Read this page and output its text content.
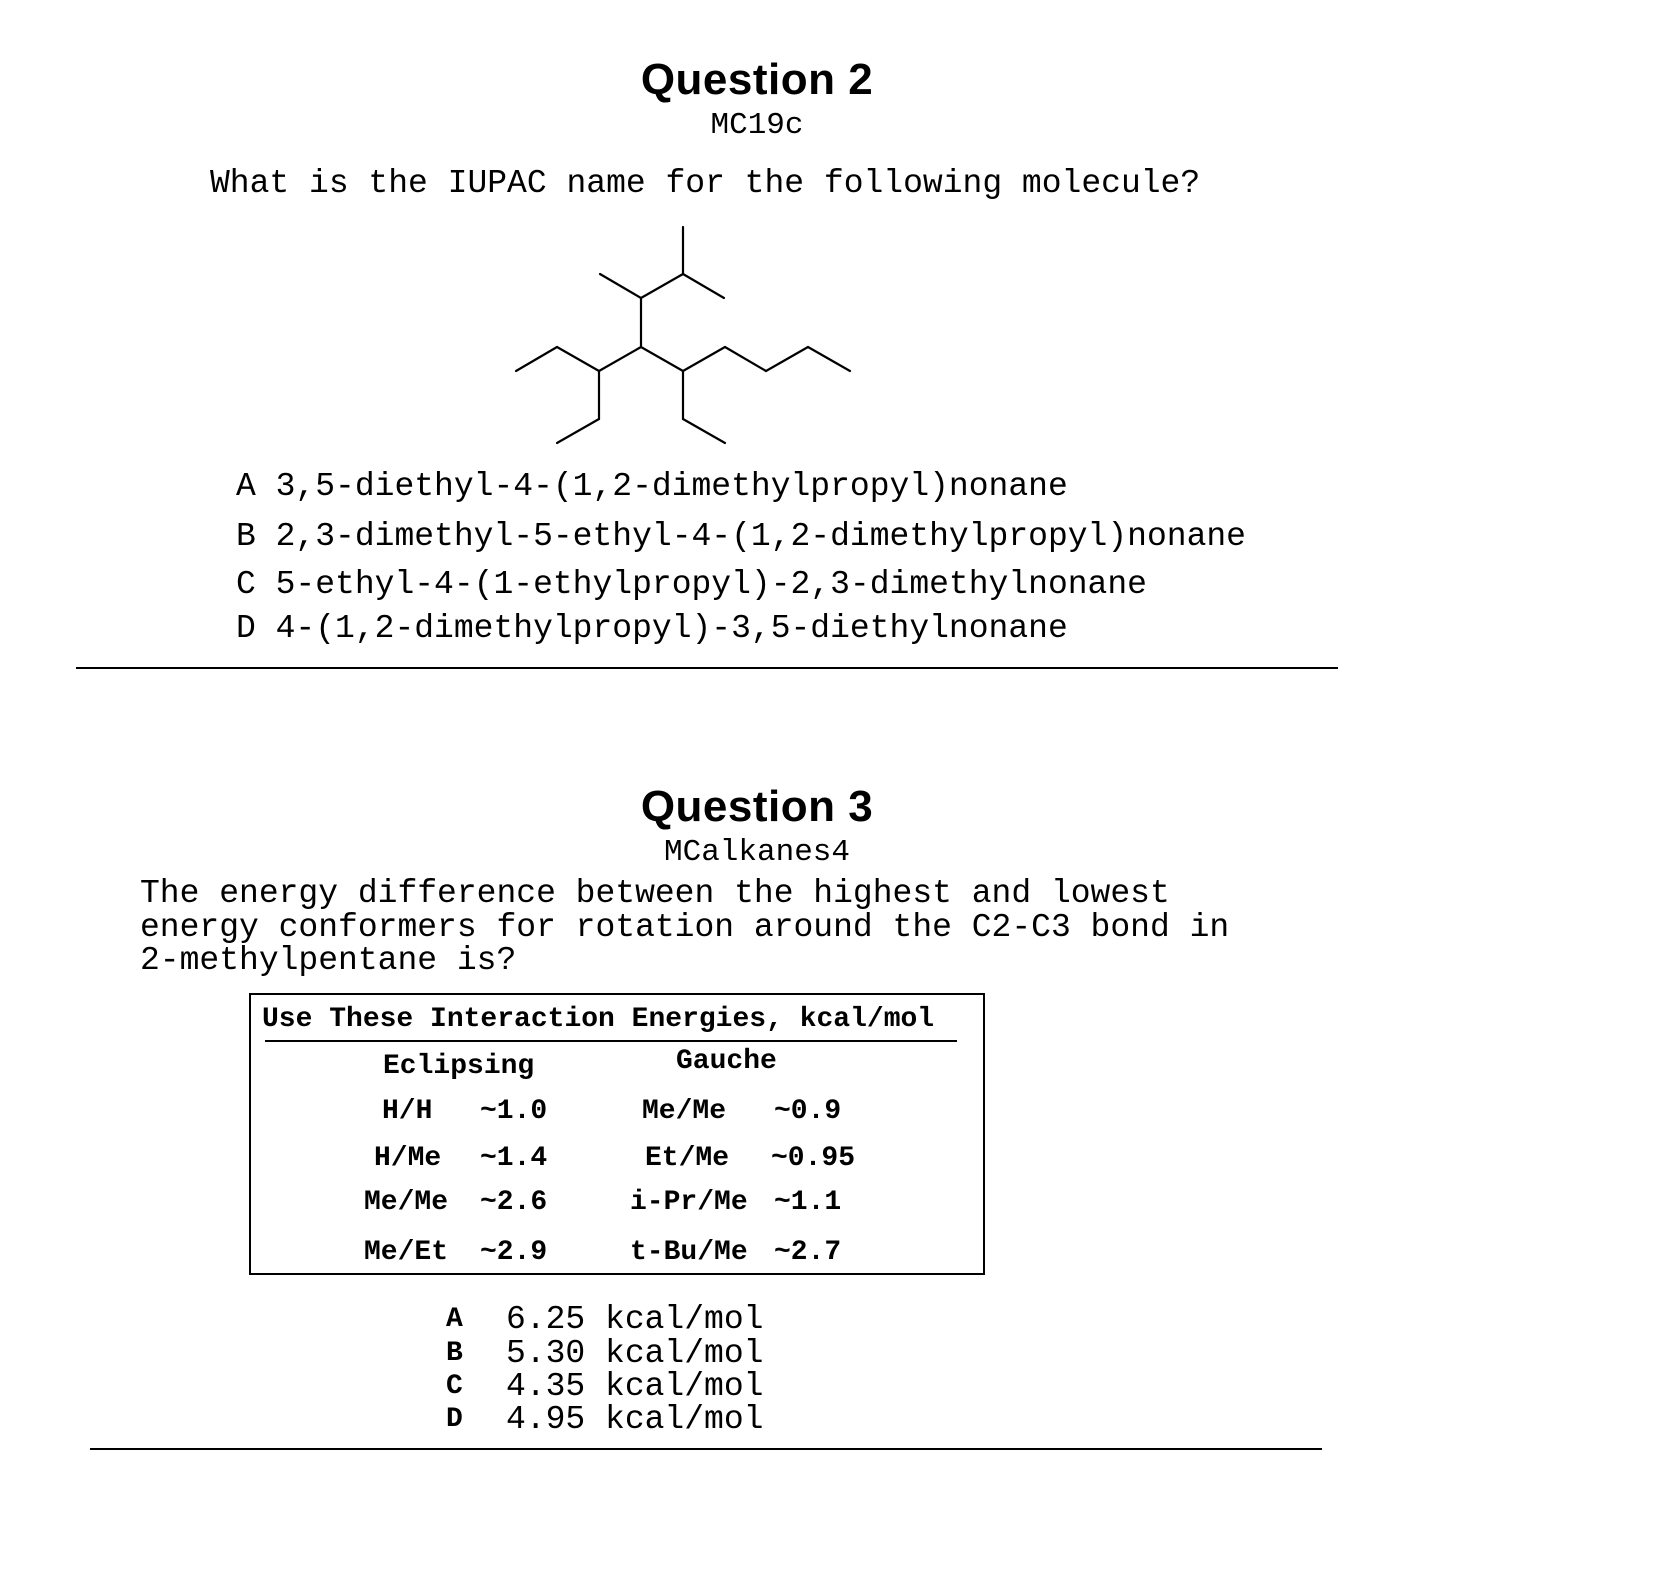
Question 2
MC19c
What is the IUPAC name for the following molecule?
A 3,5-diethyl-4-(1,2-dimethylpropyl)nonane
B 2,3-dimethyl-5-ethyl-4-(1,2-dimethylpropyl)nonane
C 5-ethyl-4-(1-ethylpropyl)-2,3-dimethylnonane
D 4-(1,2-dimethylpropyl)-3,5-diethylnonane
Question 3
MCalkanes4
The energy difference between the highest and lowest
energy conformers for rotation around the C2-C3 bond in
2-methylpentane is?
Use These Interaction Energies, kcal/mol
Eclipsing	Gauche
H/H ~1.0
H/Me ~1.4
Me/Me ~2.6
Me/Et ~2.9
Me/Me ~0.9
Et/Me ~0.95
i-Pr/Me ~1.1
t-Bu/Me ~2.7
A 6.25 kcal/mol
B 5.30 kcal/mol
C 4.35 kcal/mol
D 4.95 kcal/mol
